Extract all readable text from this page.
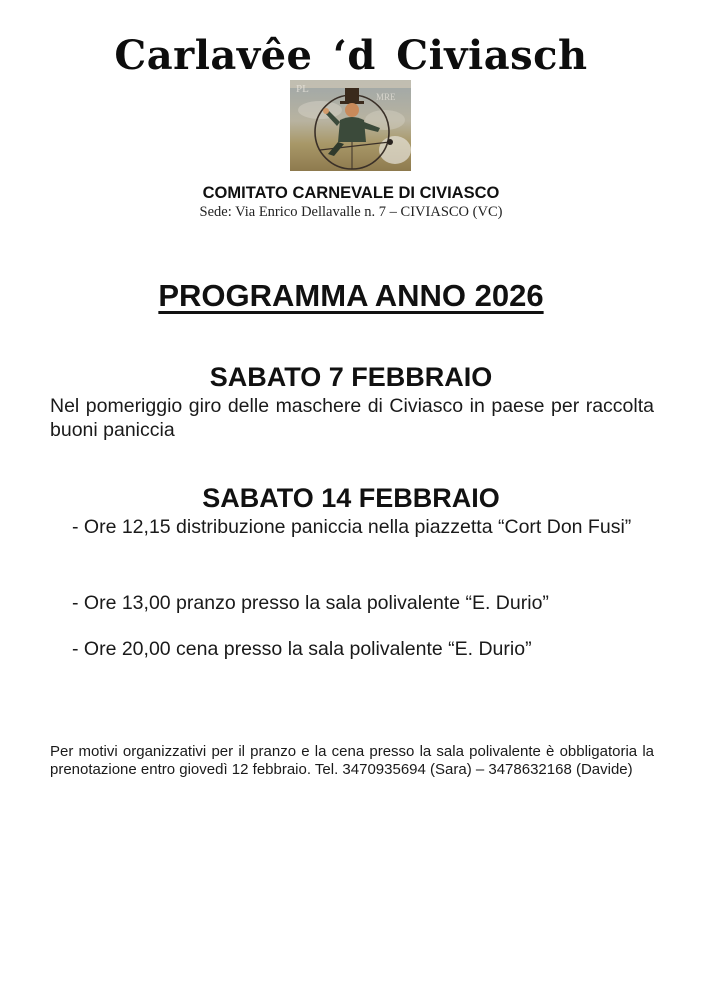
Carlavêe ‘d Civiasch
PL
MRE
COMITATO CARNEVALE DI CIVIASCO
Sede: Via Enrico Dellavalle n. 7 – CIVIASCO (VC)
PROGRAMMA ANNO 2026
SABATO 7 FEBBRAIO
Nel pomeriggio giro delle maschere di Civiasco in paese per raccolta buoni paniccia
SABATO 14 FEBBRAIO
- Ore 12,15 distribuzione paniccia nella piazzetta “Cort Don Fusi”
- Ore 13,00 pranzo presso la sala polivalente “E. Durio”
- Ore 20,00 cena presso la sala polivalente “E. Durio”
Per motivi organizzativi per il pranzo e la cena presso la sala polivalente è obbligatoria la prenotazione entro giovedì 12 febbraio. Tel. 3470935694 (Sara) – 3478632168 (Davide)
